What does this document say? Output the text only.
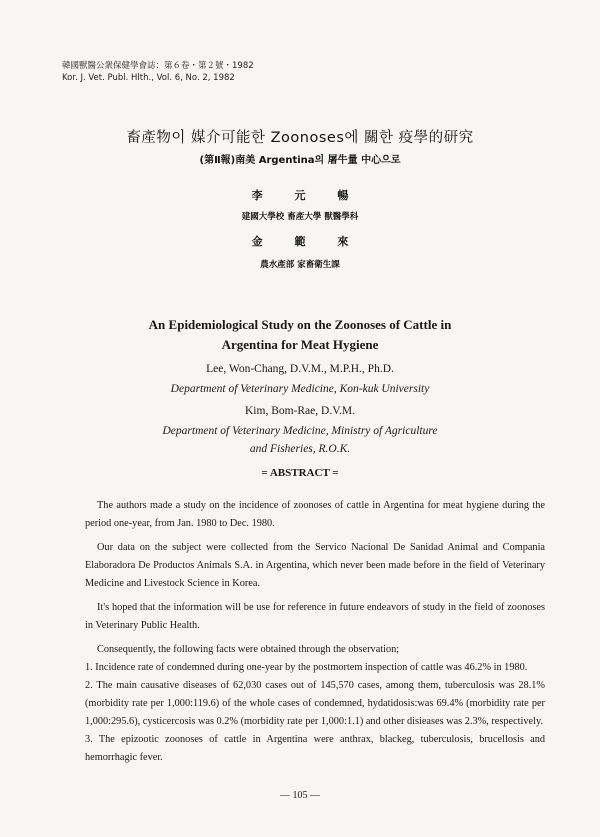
韓國獸醫公衆保健學會誌：第６卷・第２號・1982
Kor. J. Vet. Publ. Hlth., Vol. 6, No. 2, 1982
畜產物이 媒介可能한 Zoonoses에 關한 疫學的研究
(第Ⅱ報)南美 Argentina의 屠牛量 中心으로
李 元 暢
建國大學校 畜產大學 獸醫學科
金 範 來
農水產部 家畜衛生課
An Epidemiological Study on the Zoonoses of Cattle in
Argentina for Meat Hygiene
Lee, Won-Chang, D.V.M., M.P.H., Ph.D.
Department of Veterinary Medicine, Kon-kuk University
Kim, Bom-Rae, D.V.M.
Department of Veterinary Medicine, Ministry of Agriculture
and Fisheries, R.O.K.
= ABSTRACT =

The authors made a study on the incidence of zoonoses of cattle in Argentina for meat hygiene during the period one-year, from Jan. 1980 to Dec. 1980.

Our data on the subject were collected from the Servico Nacional De Sanidad Animal and Compania Elaboradora De Productos Animals S.A. in Argentina, which never been made before in the field of Veterinary Medicine and Livestock Science in Korea.

It's hoped that the information will be use for reference in future endeavors of study in the field of zoonoses in Veterinary Public Health.

Consequently, the following facts were obtained through the observation;

1. Incidence rate of condemned during one-year by the postmortem inspection of cattle was 46.2% in 1980.

2. The main causative diseases of 62,030 cases out of 145,570 cases, among them, tuberculosis was 28.1% (morbidity rate per 1,000:119.6) of the whole cases of condemned, hydatidosis:was 69.4% (morbidity rate per 1,000:295.6), cysticercosis was 0.2% (morbidity rate per 1,000:1.1) and other disieases was 2.3%, respectively.

3. The epizootic zoonoses of cattle in Argentina were anthrax, blackeg, tuberculosis, brucellosis and hemorrhagic fever.

— 105 —
